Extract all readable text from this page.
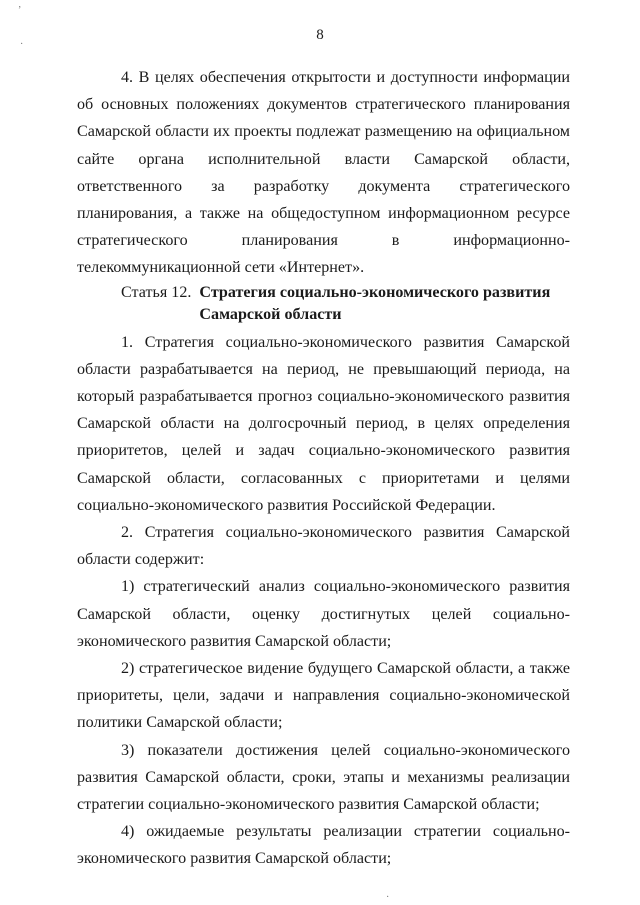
’
·
8

4. В целях обеспечения открытости и доступности информации об основных положениях документов стратегического планирования Самарской области их проекты подлежат размещению на официальном сайте органа исполнительной власти Самарской области, ответственного за разработку документа стратегического планирования, а также на общедоступном информационном ресурсе стратегического планирования в информационно-телекоммуникационной сети «Интернет».

Статья 12. Стратегия социально-экономического развития Самарской области

1. Стратегия социально-экономического развития Самарской области разрабатывается на период, не превышающий периода, на который разрабатывается прогноз социально-экономического развития Самарской области на долгосрочный период, в целях определения приоритетов, целей и задач социально-экономического развития Самарской области, согласованных с приоритетами и целями социально-экономического развития Российской Федерации.

2. Стратегия социально-экономического развития Самарской области содержит:

1) стратегический анализ социально-экономического развития Самарской области, оценку достигнутых целей социально-экономического развития Самарской области;

2) стратегическое видение будущего Самарской области, а также приоритеты, цели, задачи и направления социально-экономической политики Самарской области;

3) показатели достижения целей социально-экономического развития Самарской области, сроки, этапы и механизмы реализации стратегии социально-экономического развития Самарской области;

4) ожидаемые результаты реализации стратегии социально-экономического развития Самарской области;

·
